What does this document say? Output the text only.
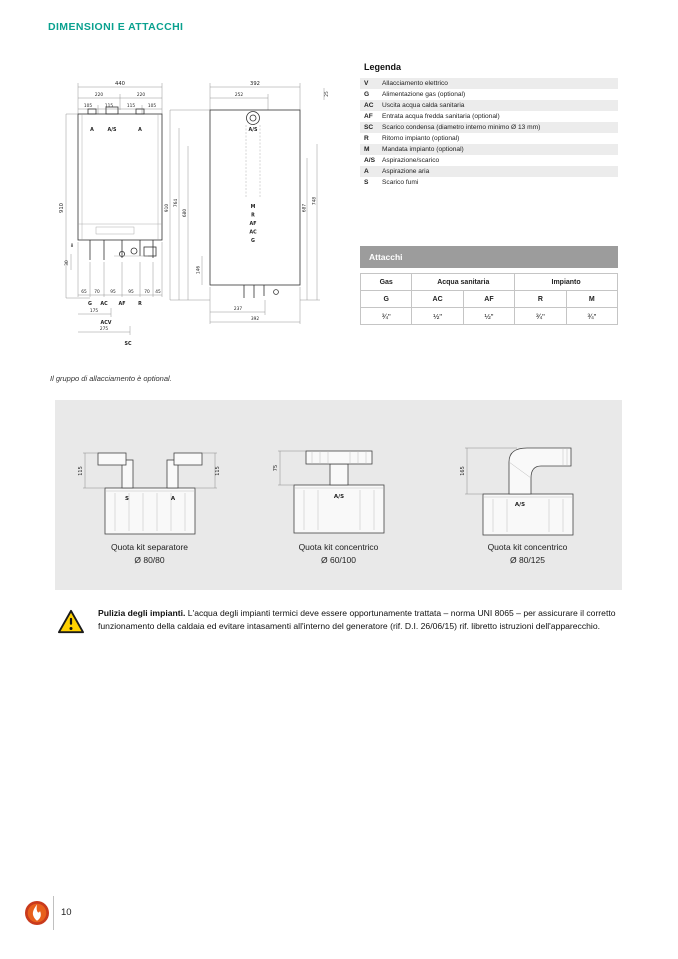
DIMENSIONI E ATTACCHI
440
220	220
105	115	115	105
A	A/S	A
910
8
30
65 70 95	95 70 45
G AC AF	R
175
ACV
275
SC
392
252	25
A/S
M
R
AF
AC
G
910
764
680
687
748
146
237
392
Legenda
V	Allacciamento elettrico
G	Alimentazione gas (optional)
AC	Uscita acqua calda sanitaria
AF	Entrata acqua fredda sanitaria (optional)
SC	Scarico condensa (diametro interno minimo Ø 13 mm)
R	Ritorno impianto (optional)
M	Mandata impianto (optional)
A/S	Aspirazione/scarico
A	Aspirazione aria
S	Scarico fumi
Attacchi
Gas	Acqua sanitaria		Impianto	
G	AC	AF	R	M
¾"	½"	½"	¾"	¾"
Il gruppo di allacciamento è optional.
115	115
S	A
Quota kit separatore
Ø 80/80
75
A/S
Quota kit concentrico
Ø 60/100
165
A/S
Quota kit concentrico
Ø 80/125
Pulizia degli impianti. L'acqua degli impianti termici deve essere opportunamente trattata – norma UNI 8065 – per assicurare il corretto funzionamento della caldaia ed evitare intasamenti all'interno del generatore (rif. D.I. 26/06/15) rif. libretto istruzioni dell'apparecchio.
10
